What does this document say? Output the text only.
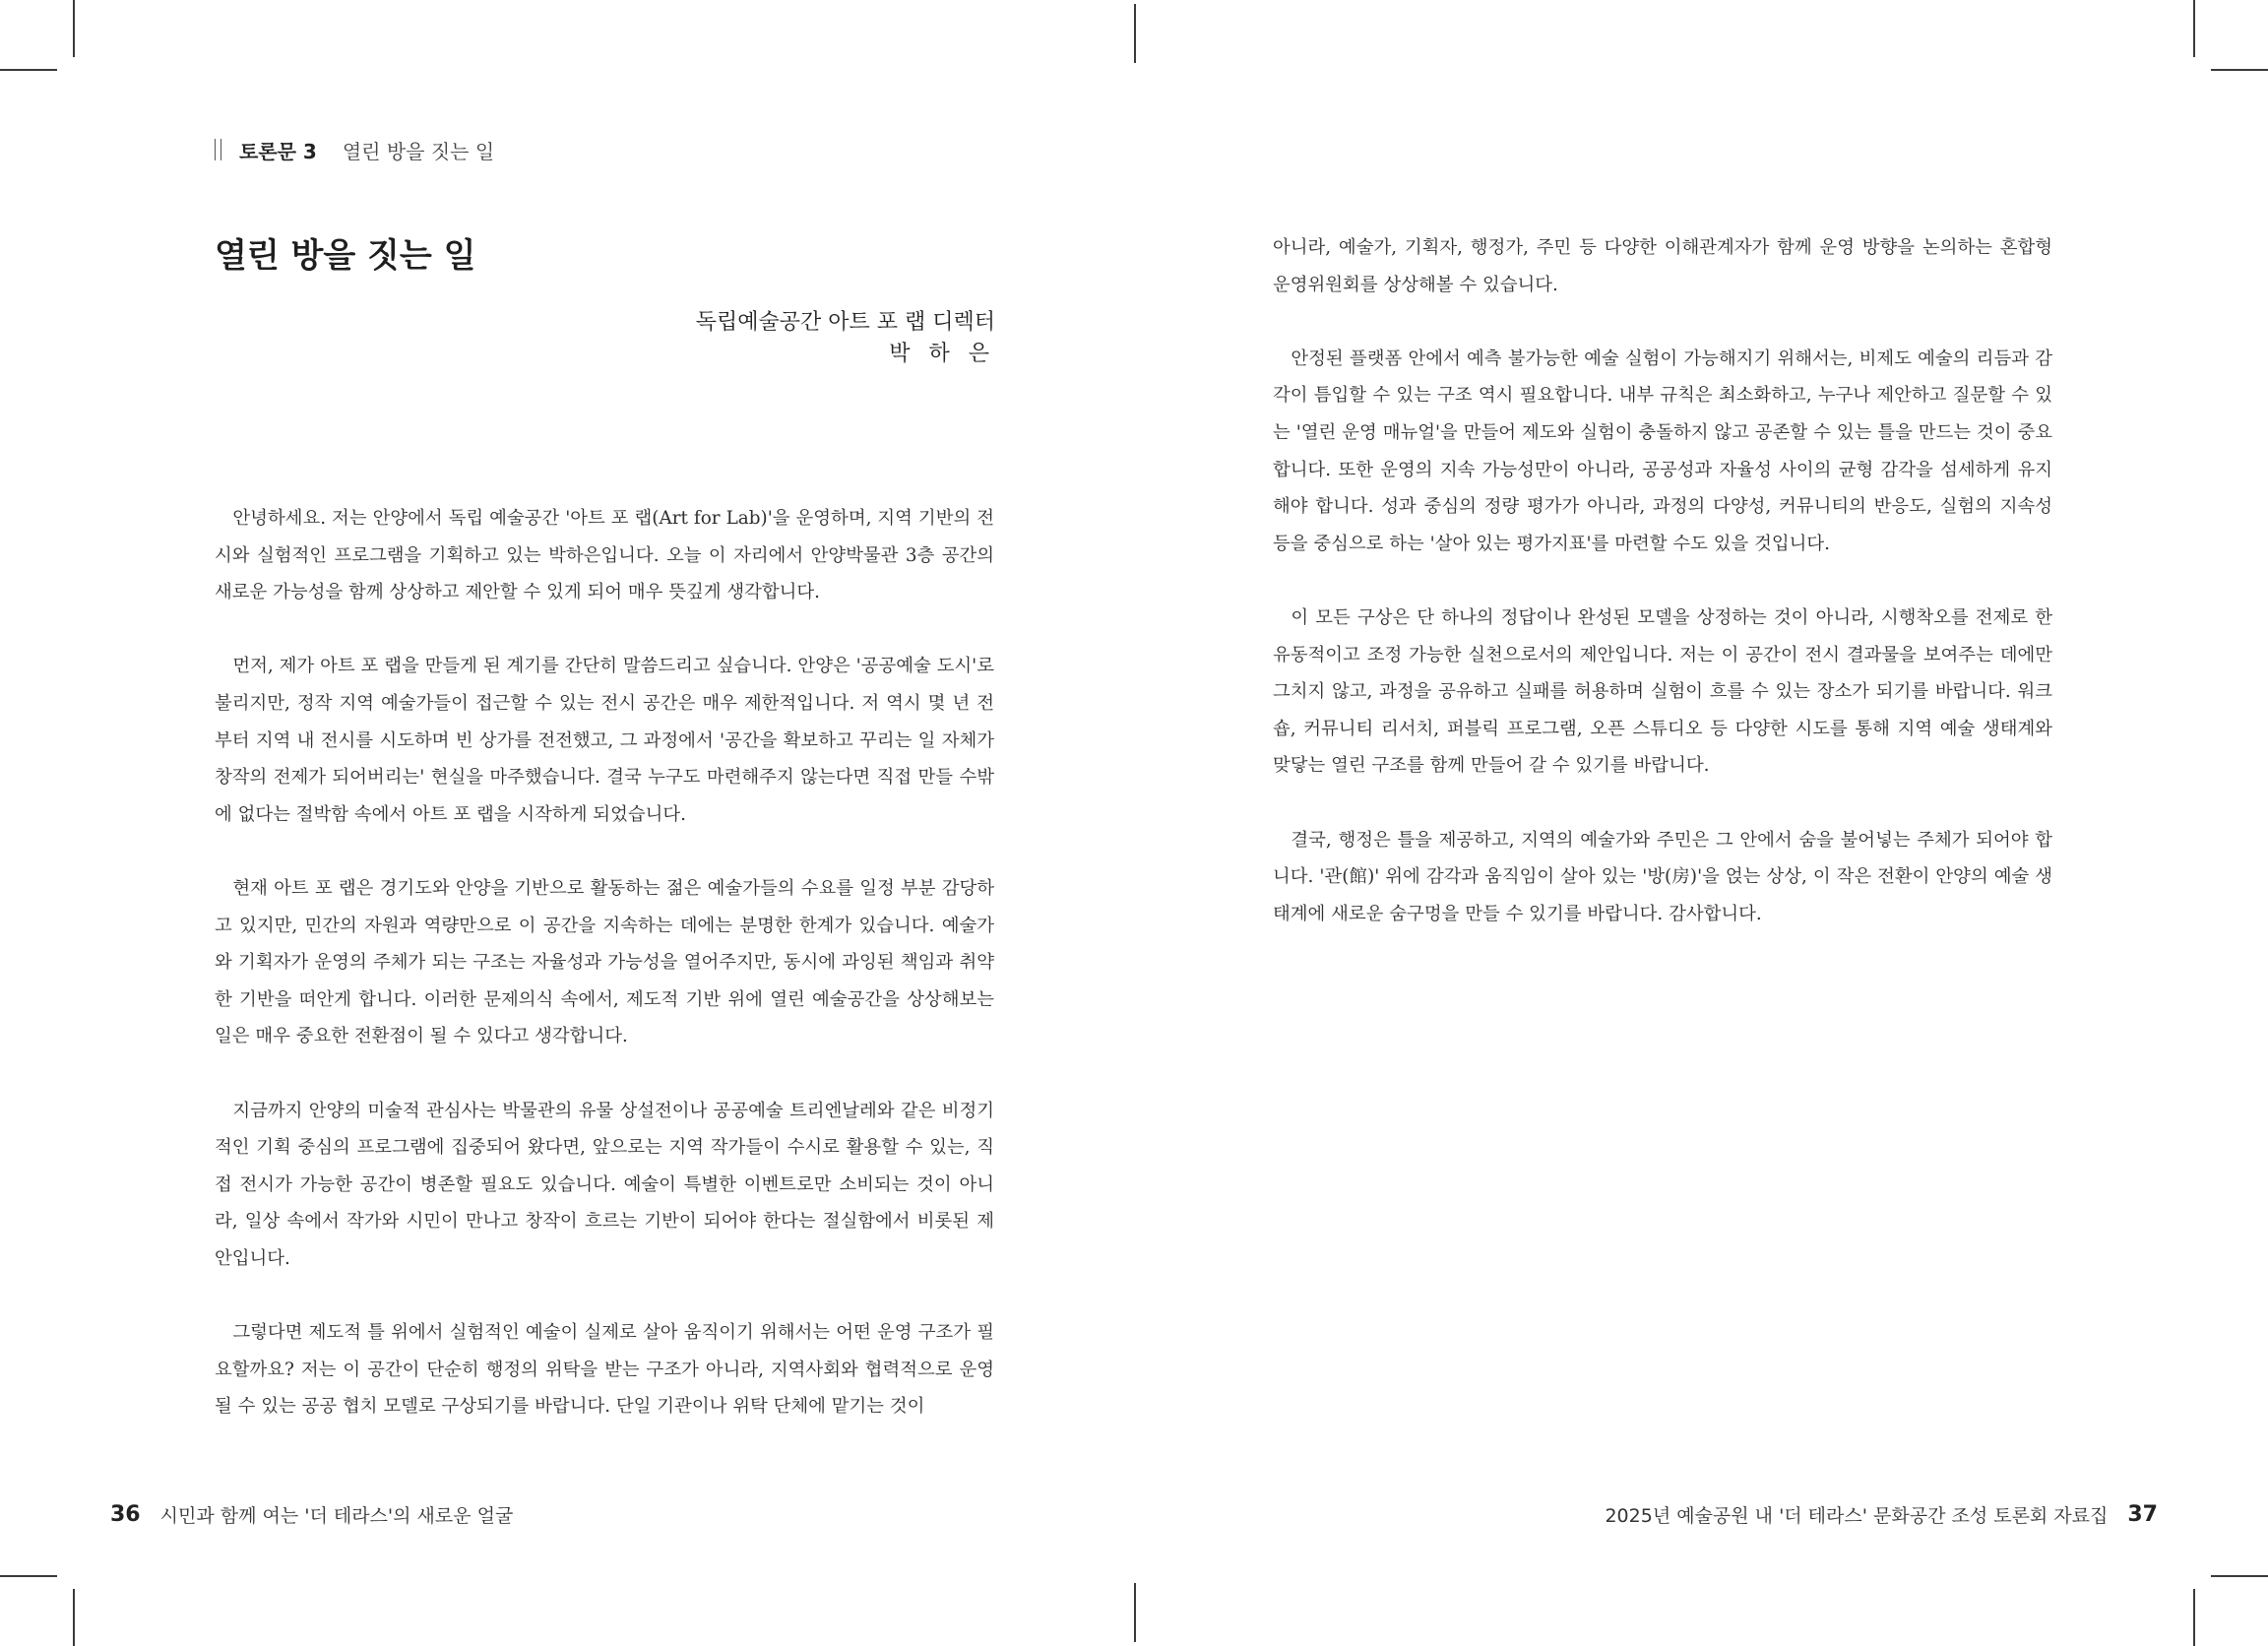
토론문 3 열린 방을 짓는 일
열린 방을 짓는 일
독립예술공간 아트 포 랩 디렉터
박 하 은

안녕하세요. 저는 안양에서 독립 예술공간 '아트 포 랩(Art for Lab)'을 운영하며, 지역 기반의 전시와 실험적인 프로그램을 기획하고 있는 박하은입니다. 오늘 이 자리에서 안양박물관 3층 공간의 새로운 가능성을 함께 상상하고 제안할 수 있게 되어 매우 뜻깊게 생각합니다.

먼저, 제가 아트 포 랩을 만들게 된 계기를 간단히 말씀드리고 싶습니다. 안양은 '공공예술 도시'로 불리지만, 정작 지역 예술가들이 접근할 수 있는 전시 공간은 매우 제한적입니다. 저 역시 몇 년 전부터 지역 내 전시를 시도하며 빈 상가를 전전했고, 그 과정에서 '공간을 확보하고 꾸리는 일 자체가 창작의 전제가 되어버리는' 현실을 마주했습니다. 결국 누구도 마련해주지 않는다면 직접 만들 수밖에 없다는 절박함 속에서 아트 포 랩을 시작하게 되었습니다.

현재 아트 포 랩은 경기도와 안양을 기반으로 활동하는 젊은 예술가들의 수요를 일정 부분 감당하고 있지만, 민간의 자원과 역량만으로 이 공간을 지속하는 데에는 분명한 한계가 있습니다. 예술가와 기획자가 운영의 주체가 되는 구조는 자율성과 가능성을 열어주지만, 동시에 과잉된 책임과 취약한 기반을 떠안게 합니다. 이러한 문제의식 속에서, 제도적 기반 위에 열린 예술공간을 상상해보는 일은 매우 중요한 전환점이 될 수 있다고 생각합니다.

지금까지 안양의 미술적 관심사는 박물관의 유물 상설전이나 공공예술 트리엔날레와 같은 비정기적인 기획 중심의 프로그램에 집중되어 왔다면, 앞으로는 지역 작가들이 수시로 활용할 수 있는, 직접 전시가 가능한 공간이 병존할 필요도 있습니다. 예술이 특별한 이벤트로만 소비되는 것이 아니라, 일상 속에서 작가와 시민이 만나고 창작이 흐르는 기반이 되어야 한다는 절실함에서 비롯된 제안입니다.

그렇다면 제도적 틀 위에서 실험적인 예술이 실제로 살아 움직이기 위해서는 어떤 운영 구조가 필요할까요? 저는 이 공간이 단순히 행정의 위탁을 받는 구조가 아니라, 지역사회와 협력적으로 운영될 수 있는 공공 협치 모델로 구상되기를 바랍니다. 단일 기관이나 위탁 단체에 맡기는 것이

아니라, 예술가, 기획자, 행정가, 주민 등 다양한 이해관계자가 함께 운영 방향을 논의하는 혼합형 운영위원회를 상상해볼 수 있습니다.

안정된 플랫폼 안에서 예측 불가능한 예술 실험이 가능해지기 위해서는, 비제도 예술의 리듬과 감각이 틈입할 수 있는 구조 역시 필요합니다. 내부 규칙은 최소화하고, 누구나 제안하고 질문할 수 있는 '열린 운영 매뉴얼'을 만들어 제도와 실험이 충돌하지 않고 공존할 수 있는 틀을 만드는 것이 중요합니다. 또한 운영의 지속 가능성만이 아니라, 공공성과 자율성 사이의 균형 감각을 섬세하게 유지해야 합니다. 성과 중심의 정량 평가가 아니라, 과정의 다양성, 커뮤니티의 반응도, 실험의 지속성 등을 중심으로 하는 '살아 있는 평가지표'를 마련할 수도 있을 것입니다.

이 모든 구상은 단 하나의 정답이나 완성된 모델을 상정하는 것이 아니라, 시행착오를 전제로 한 유동적이고 조정 가능한 실천으로서의 제안입니다. 저는 이 공간이 전시 결과물을 보여주는 데에만 그치지 않고, 과정을 공유하고 실패를 허용하며 실험이 흐를 수 있는 장소가 되기를 바랍니다. 워크숍, 커뮤니티 리서치, 퍼블릭 프로그램, 오픈 스튜디오 등 다양한 시도를 통해 지역 예술 생태계와 맞닿는 열린 구조를 함께 만들어 갈 수 있기를 바랍니다.

결국, 행정은 틀을 제공하고, 지역의 예술가와 주민은 그 안에서 숨을 불어넣는 주체가 되어야 합니다. '관(館)' 위에 감각과 움직임이 살아 있는 '방(房)'을 얹는 상상, 이 작은 전환이 안양의 예술 생태계에 새로운 숨구멍을 만들 수 있기를 바랍니다. 감사합니다.

36 시민과 함께 여는 '더 테라스'의 새로운 얼굴	2025년 예술공원 내 '더 테라스' 문화공간 조성 토론회 자료집 37
